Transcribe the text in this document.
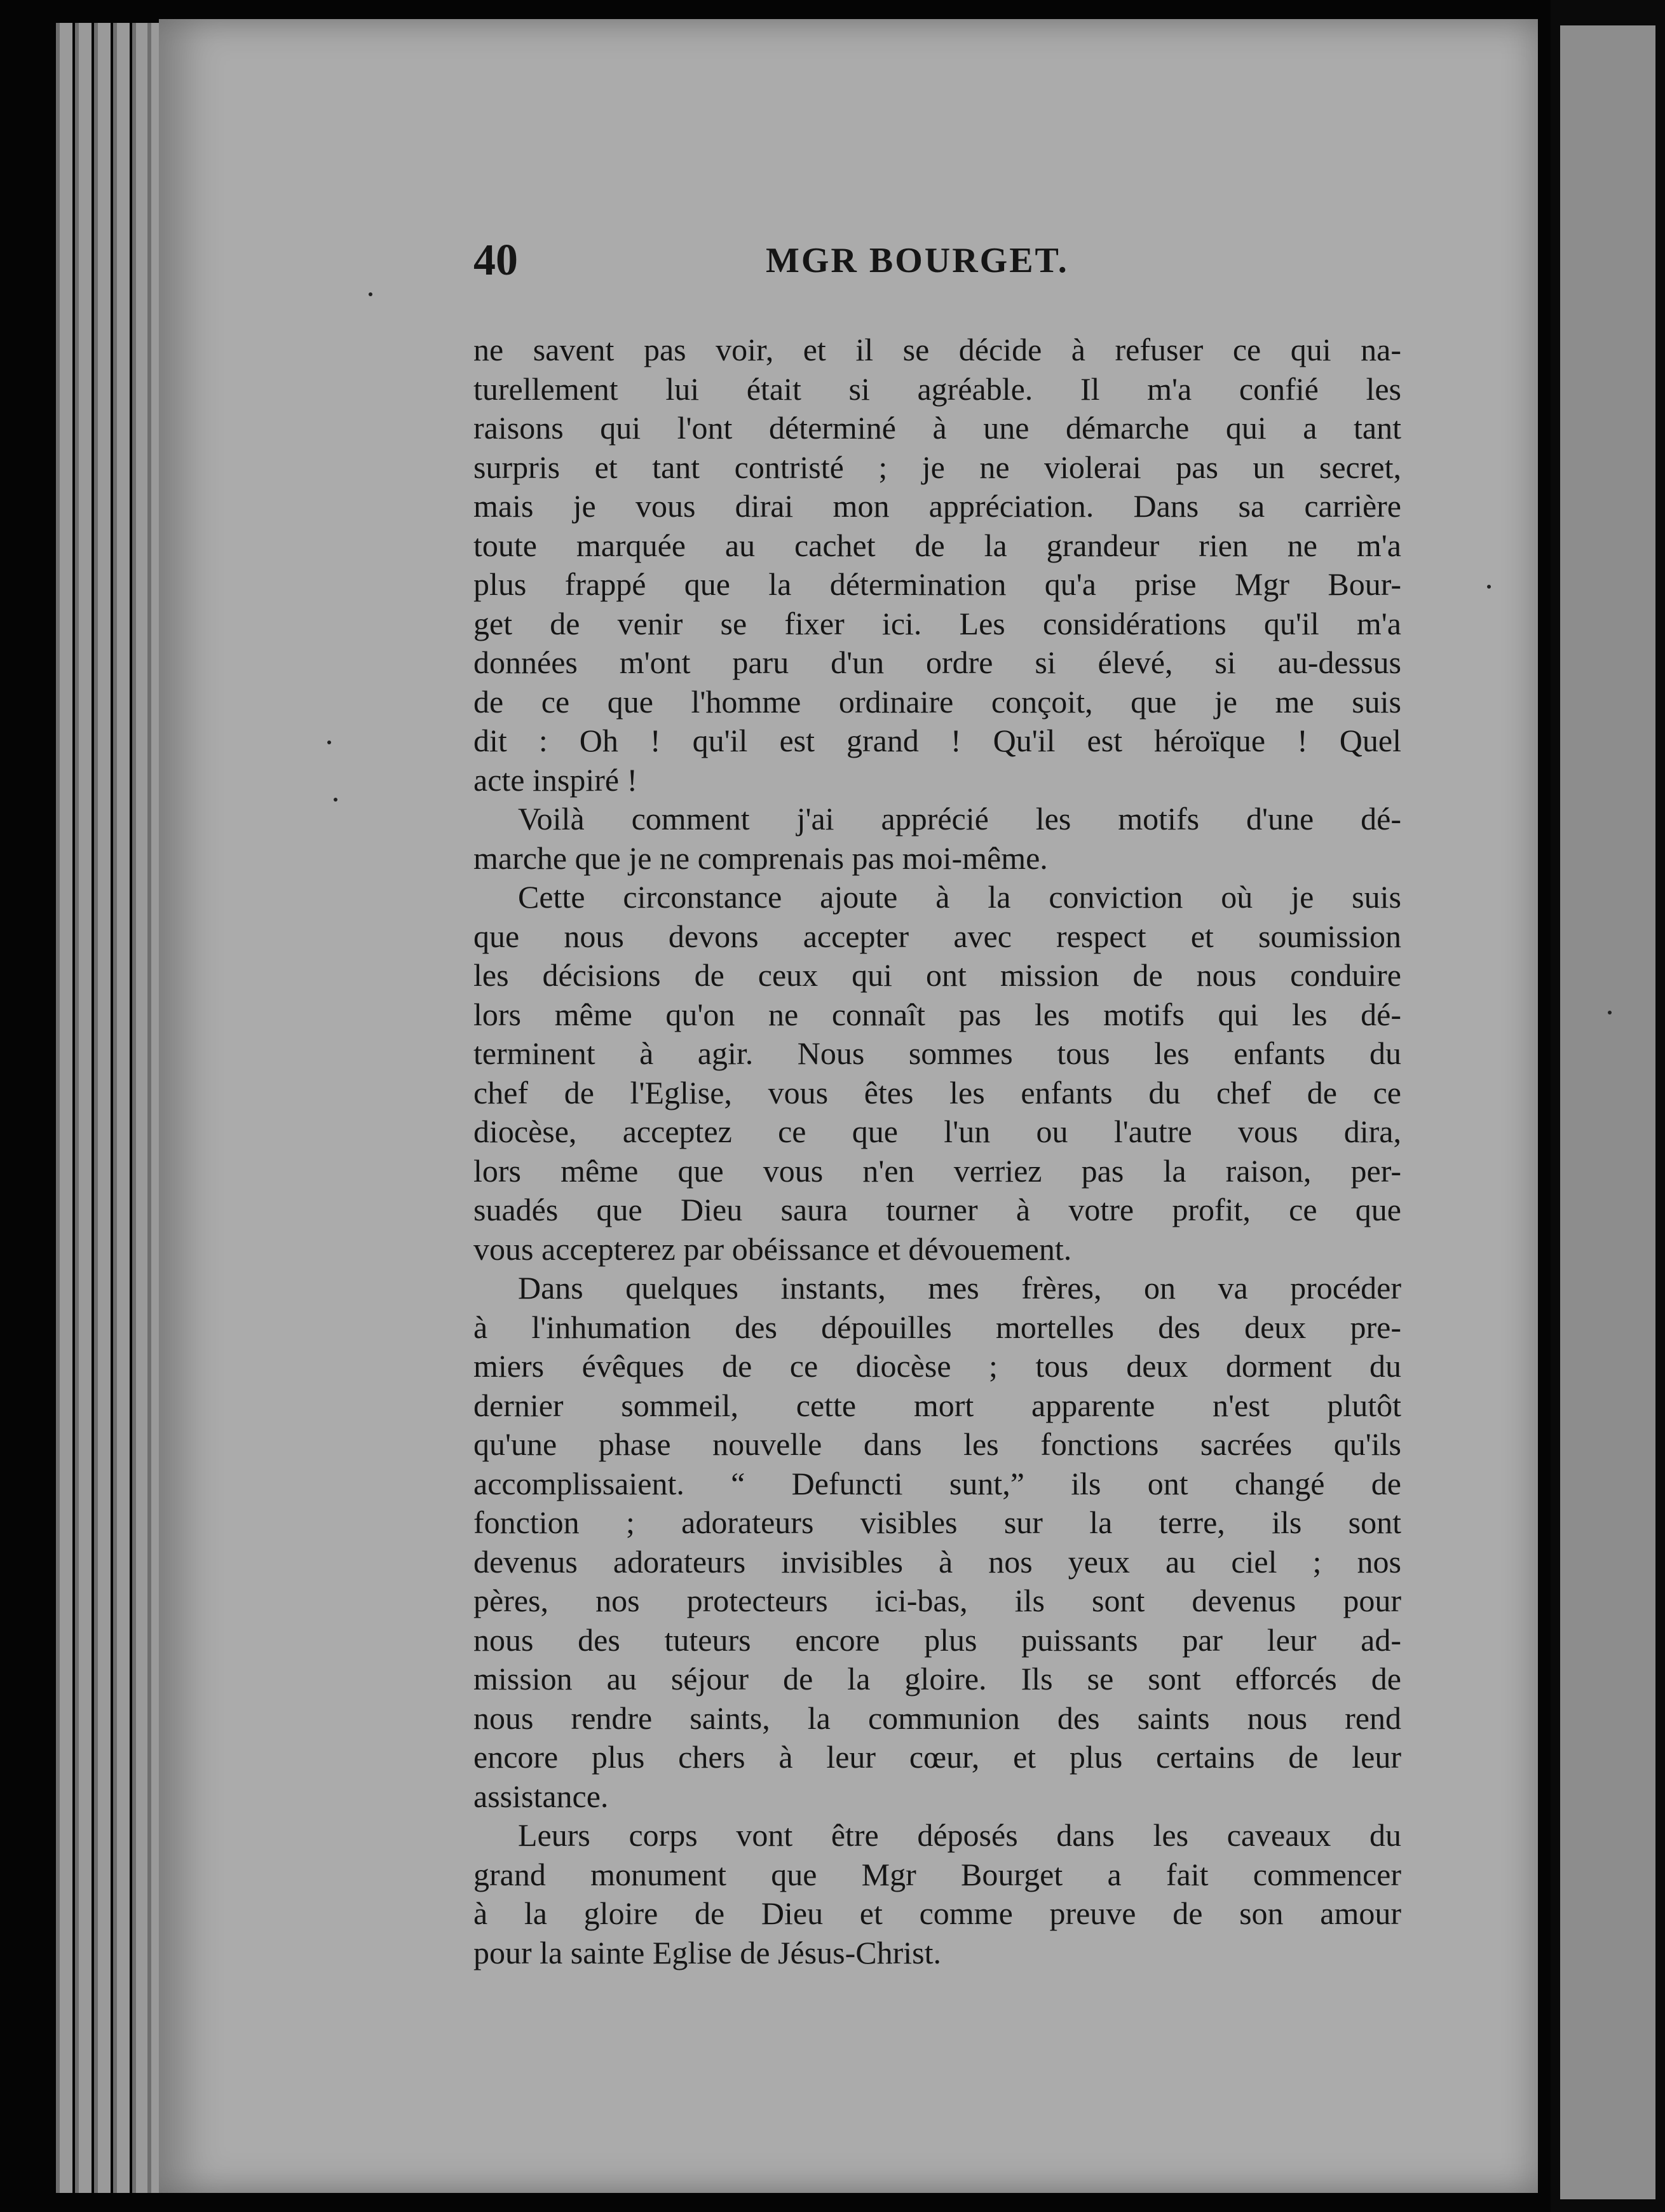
40	MGR BOURGET.
ne savent pas voir, et il se décide à refuser ce qui na-
turellement lui était si agréable. Il m'a confié les
raisons qui l'ont déterminé à une démarche qui a tant
surpris et tant contristé ; je ne violerai pas un secret,
mais je vous dirai mon appréciation. Dans sa carrière
toute marquée au cachet de la grandeur rien ne m'a
plus frappé que la détermination qu'a prise Mgr Bour-
get de venir se fixer ici. Les considérations qu'il m'a
données m'ont paru d'un ordre si élevé, si au-dessus
de ce que l'homme ordinaire conçoit, que je me suis
dit : Oh ! qu'il est grand ! Qu'il est héroïque ! Quel
acte inspiré !
Voilà comment j'ai apprécié les motifs d'une dé-
marche que je ne comprenais pas moi-même.
Cette circonstance ajoute à la conviction où je suis
que nous devons accepter avec respect et soumission
les décisions de ceux qui ont mission de nous conduire
lors même qu'on ne connaît pas les motifs qui les dé-
terminent à agir. Nous sommes tous les enfants du
chef de l'Eglise, vous êtes les enfants du chef de ce
diocèse, acceptez ce que l'un ou l'autre vous dira,
lors même que vous n'en verriez pas la raison, per-
suadés que Dieu saura tourner à votre profit, ce que
vous accepterez par obéissance et dévouement.
Dans quelques instants, mes frères, on va procéder
à l'inhumation des dépouilles mortelles des deux pre-
miers évêques de ce diocèse ; tous deux dorment du
dernier sommeil, cette mort apparente n'est plutôt
qu'une phase nouvelle dans les fonctions sacrées qu'ils
accomplissaient. “ Defuncti sunt,” ils ont changé de
fonction ; adorateurs visibles sur la terre, ils sont
devenus adorateurs invisibles à nos yeux au ciel ; nos
pères, nos protecteurs ici-bas, ils sont devenus pour
nous des tuteurs encore plus puissants par leur ad-
mission au séjour de la gloire. Ils se sont efforcés de
nous rendre saints, la communion des saints nous rend
encore plus chers à leur cœur, et plus certains de leur
assistance.
Leurs corps vont être déposés dans les caveaux du
grand monument que Mgr Bourget a fait commencer
à la gloire de Dieu et comme preuve de son amour
pour la sainte Eglise de Jésus-Christ.
